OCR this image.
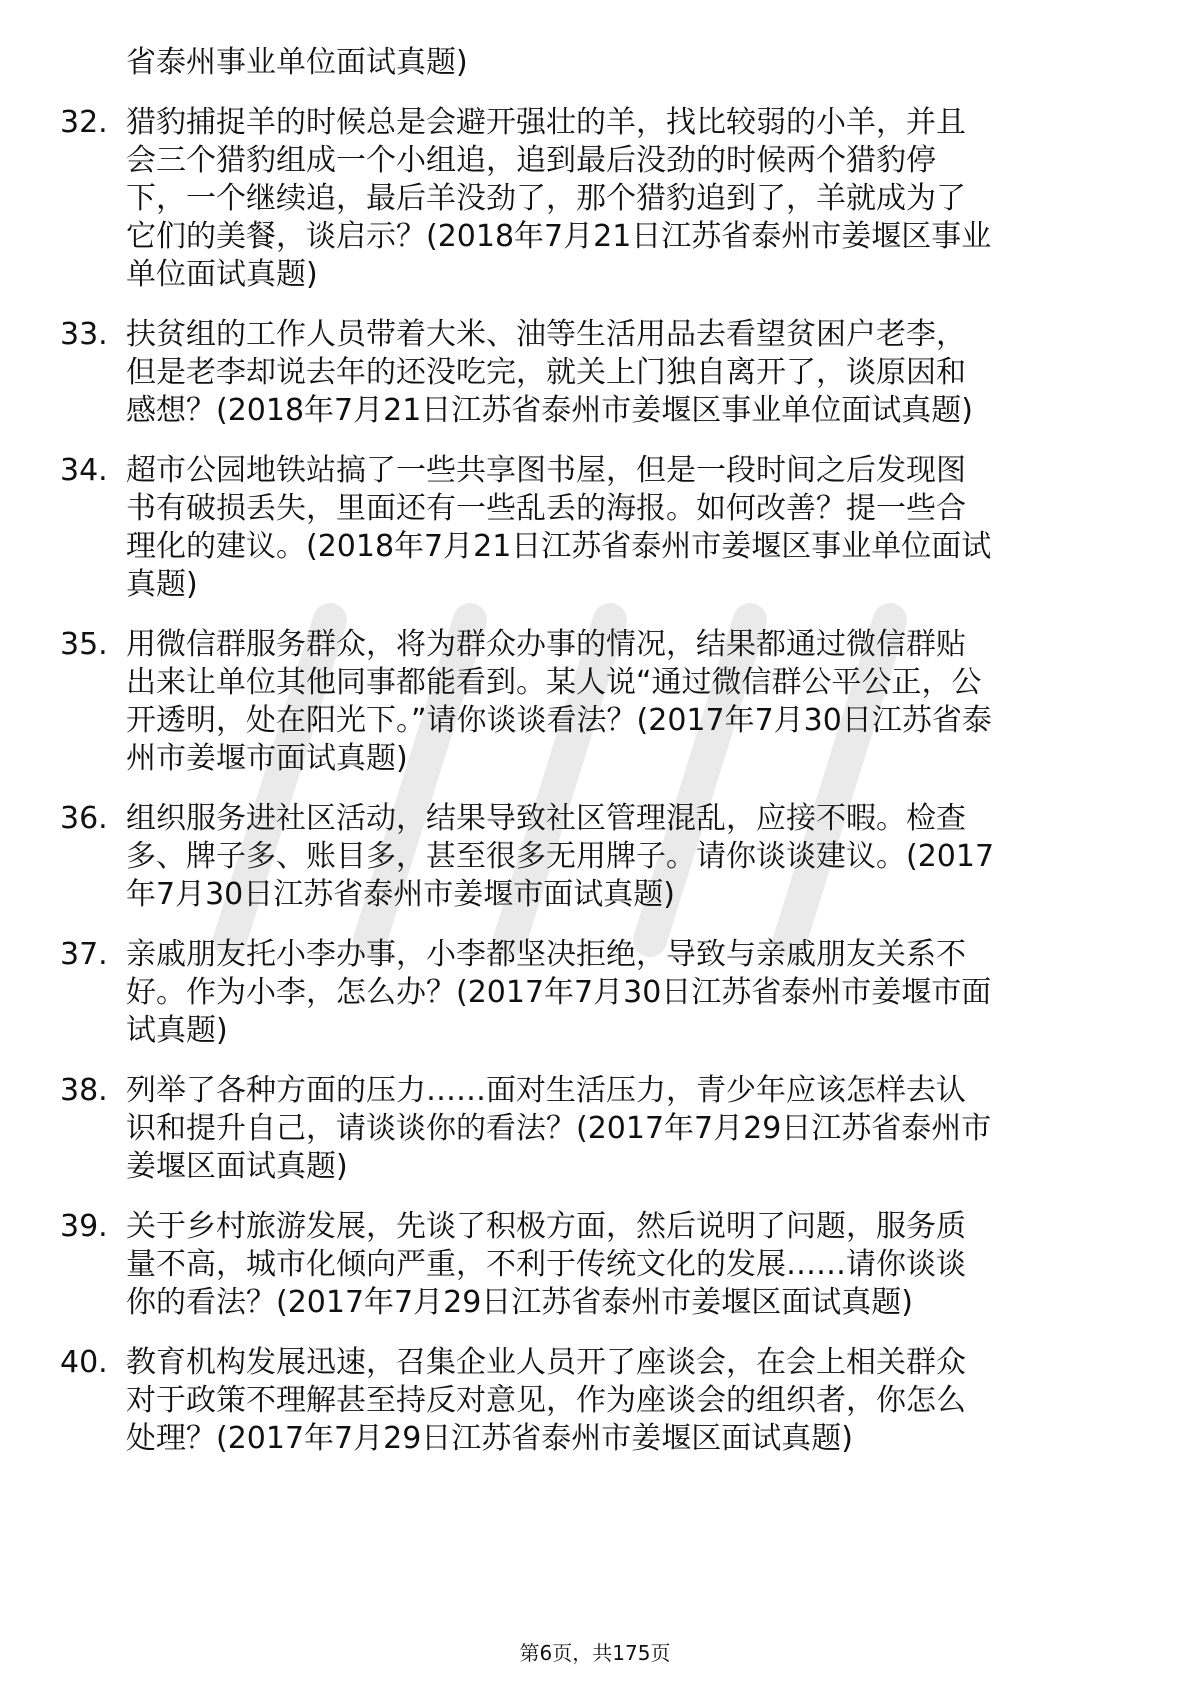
省泰州事业单位面试真题)

32. 猎豹捕捉羊的时候总是会避开强壮的羊，找比较弱的小羊，并且

会三个猎豹组成一个小组追，追到最后没劲的时候两个猎豹停

下，一个继续追，最后羊没劲了，那个猎豹追到了，羊就成为了

它们的美餐，谈启示？(2018年7月21日江苏省泰州市姜堰区事业

单位面试真题)

33. 扶贫组的工作人员带着大米、油等生活用品去看望贫困户老李，

但是老李却说去年的还没吃完，就关上门独自离开了，谈原因和

感想？(2018年7月21日江苏省泰州市姜堰区事业单位面试真题)

34. 超市公园地铁站搞了一些共享图书屋，但是一段时间之后发现图

书有破损丢失，里面还有一些乱丢的海报。如何改善？提一些合

理化的建议。(2018年7月21日江苏省泰州市姜堰区事业单位面试

真题)

35. 用微信群服务群众，将为群众办事的情况，结果都通过微信群贴

出来让单位其他同事都能看到。某人说“通过微信群公平公正，公

开透明，处在阳光下。”请你谈谈看法？(2017年7月30日江苏省泰

州市姜堰市面试真题)

36. 组织服务进社区活动，结果导致社区管理混乱，应接不暇。检查

多、牌子多、账目多，甚至很多无用牌子。请你谈谈建议。(2017

年7月30日江苏省泰州市姜堰市面试真题)

37. 亲戚朋友托小李办事，小李都坚决拒绝，导致与亲戚朋友关系不

好。作为小李，怎么办？(2017年7月30日江苏省泰州市姜堰市面

试真题)

38. 列举了各种方面的压力……面对生活压力，青少年应该怎样去认

识和提升自己，请谈谈你的看法？(2017年7月29日江苏省泰州市

姜堰区面试真题)

39. 关于乡村旅游发展，先谈了积极方面，然后说明了问题，服务质

量不高，城市化倾向严重，不利于传统文化的发展……请你谈谈

你的看法？(2017年7月29日江苏省泰州市姜堰区面试真题)

40. 教育机构发展迅速，召集企业人员开了座谈会，在会上相关群众

对于政策不理解甚至持反对意见，作为座谈会的组织者，你怎么

处理？(2017年7月29日江苏省泰州市姜堰区面试真题)

第6页，共175页
